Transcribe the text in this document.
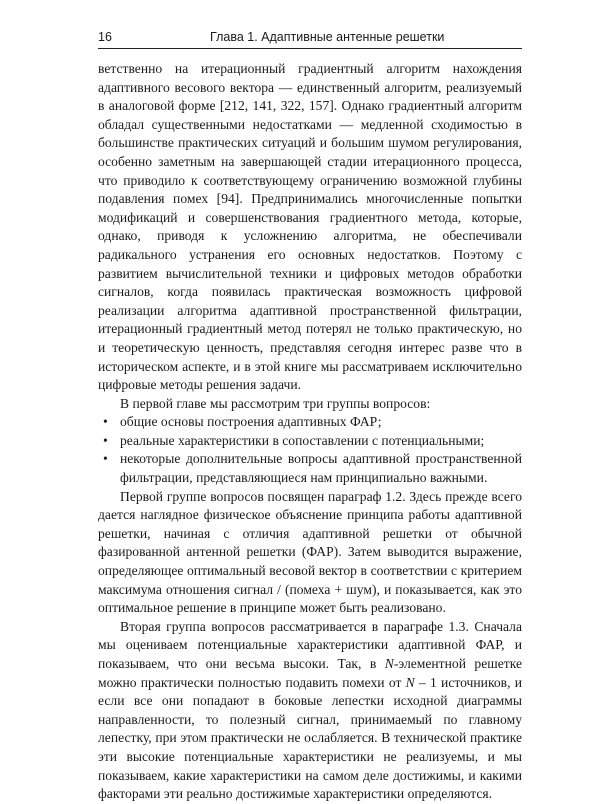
16	Глава 1. Адаптивные антенные решетки

ветственно на итерационный градиентный алгоритм нахождения адаптивного весового вектора — единственный алгоритм, реализуемый в аналоговой форме [212, 141, 322, 157]. Однако градиентный алгоритм обладал существенными недостатками — медленной сходимостью в большинстве практических ситуаций и большим шумом регулирования, особенно заметным на завершающей стадии итерационного процесса, что приводило к соответствующему ограничению возможной глубины подавления помех [94]. Предпринимались многочисленные попытки модификаций и совершенствования градиентного метода, которые, однако, приводя к усложнению алгоритма, не обеспечивали радикального устранения его основных недостатков. Поэтому с развитием вычислительной техники и цифровых методов обработки сигналов, когда появилась практическая возможность цифровой реализации алгоритма адаптивной пространственной фильтрации, итерационный градиентный метод потерял не только практическую, но и теоретическую ценность, представляя сегодня интерес разве что в историческом аспекте, и в этой книге мы рассматриваем исключительно цифровые методы решения задачи.

В первой главе мы рассмотрим три группы вопросов:

• общие основы построения адаптивных ФАР;
• реальные характеристики в сопоставлении с потенциальными;
• некоторые дополнительные вопросы адаптивной пространственной фильтрации, представляющиеся нам принципиально важными.

Первой группе вопросов посвящен параграф 1.2. Здесь прежде всего дается наглядное физическое объяснение принципа работы адаптивной решетки, начиная с отличия адаптивной решетки от обычной фазированной антенной решетки (ФАР). Затем выводится выражение, определяющее оптимальный весовой вектор в соответствии с критерием максимума отношения сигнал / (помеха + шум), и показывается, как это оптимальное решение в принципе может быть реализовано.

Вторая группа вопросов рассматривается в параграфе 1.3. Сначала мы оцениваем потенциальные характеристики адаптивной ФАР, и показываем, что они весьма высоки. Так, в N-элементной решетке можно практически полностью подавить помехи от N – 1 источников, и если все они попадают в боковые лепестки исходной диаграммы направленности, то полезный сигнал, принимаемый по главному лепестку, при этом практически не ослабляется. В технической практике эти высокие потенциальные характеристики не реализуемы, и мы показываем, какие характеристики на самом деле достижимы, и какими факторами эти реально достижимые характеристики определяются.
